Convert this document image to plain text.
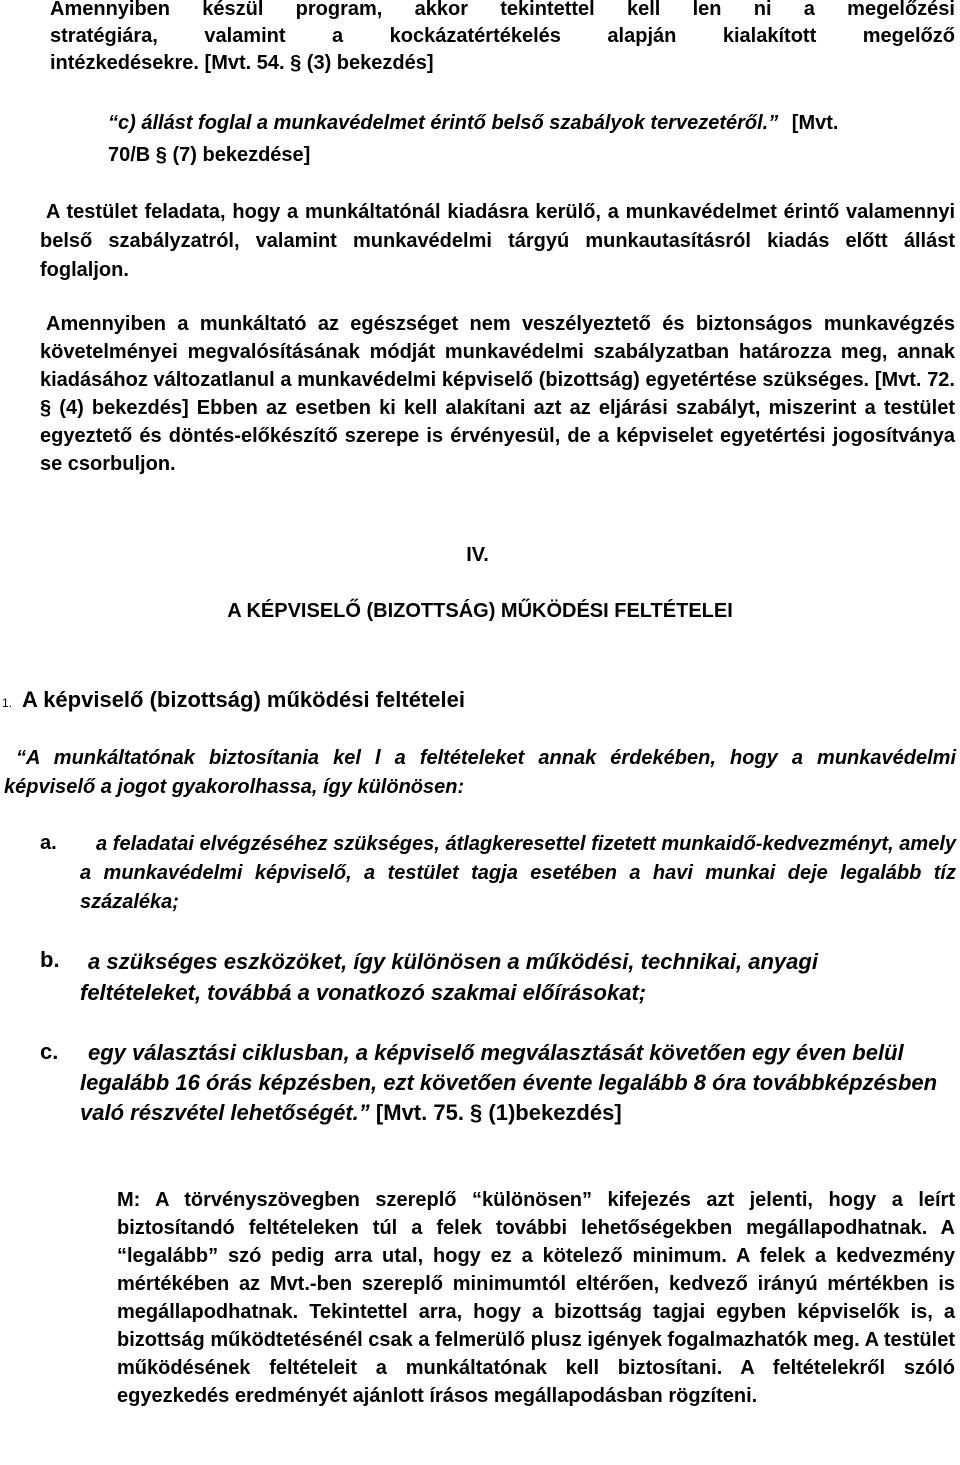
Amennyiben készül program, akkor tekintettel kell len ni a megelőzési
stratégiára, valamint a kockázatértékelés alapján kialakított megelőző
intézkedésekre. [Mvt. 54. § (3) bekezdés]
“c) állást foglal a munkavédelmet érintő belső szabályok tervezetéről.” [Mvt.
70/B § (7) bekezdése]
A testület feladata, hogy a munkáltatónál kiadásra kerülő, a munkavédelmet érintő valamennyi belső szabályzatról, valamint munkavédelmi tárgyú munkautasításról kiadás előtt állást foglaljon.
Amennyiben a munkáltató az egészséget nem veszélyeztető és biztonságos munkavégzés követelményei megvalósításának módját munkavédelmi szabályzatban határozza meg, annak kiadásához változatlanul a munkavédelmi képviselő (bizottság) egyetértése szükséges. [Mvt. 72. § (4) bekezdés] Ebben az esetben ki kell alakítani azt az eljárási szabályt, miszerint a testület egyeztető és döntés-előkészítő szerepe is érvényesül, de a képviselet egyetértési jogosítványa se csorbuljon.
IV.
A KÉPVISELŐ (BIZOTTSÁG) MŰKÖDÉSI FELTÉTELEI
1. A képviselő (bizottság) működési feltételei
“A munkáltatónak biztosítania kel l a feltételeket annak érdekében, hogy a munkavédelmi képviselő a jogot gyakorolhassa, így különösen:
a.	a feladatai elvégzéséhez szükséges, átlagkeresettel fizetett munkaidő-kedvezményt, amely a munkavédelmi képviselő, a testület tagja esetében a havi munkai deje legalább tíz százaléka;
b.	a szükséges eszközöket, így különösen a működési, technikai, anyagi feltételeket, továbbá a vonatkozó szakmai előírásokat;
c.	egy választási ciklusban, a képviselő megválasztását követően egy éven belül legalább 16 órás képzésben, ezt követően évente legalább 8 óra továbbképzésben való részvétel lehetőségét.” [Mvt. 75. § (1)bekezdés]
M: A törvényszövegben szereplő “különösen” kifejezés azt jelenti, hogy a leírt biztosítandó feltételeken túl a felek további lehetőségekben megállapodhatnak. A “legalább” szó pedig arra utal, hogy ez a kötelező minimum. A felek a kedvezmény mértékében az Mvt.-ben szereplő minimumtól eltérően, kedvező irányú mértékben is megállapodhatnak. Tekintettel arra, hogy a bizottság tagjai egyben képviselők is, a bizottság működtetésénél csak a felmerülő plusz igények fogalmazhatók meg. A testület működésének feltételeit a munkáltatónak kell biztosítani. A feltételekről szóló egyezkedés eredményét ajánlott írásos megállapodásban rögzíteni.
